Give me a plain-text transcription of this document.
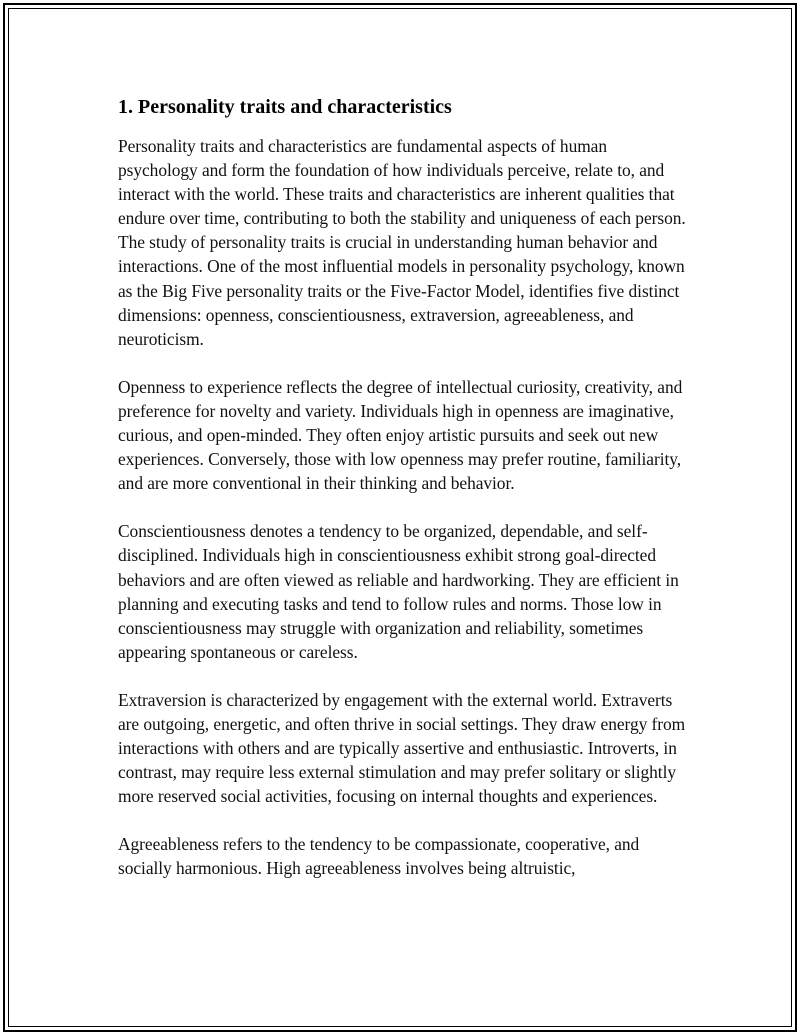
1. Personality traits and characteristics

Personality traits and characteristics are fundamental aspects of human psychology and form the foundation of how individuals perceive, relate to, and interact with the world. These traits and characteristics are inherent qualities that endure over time, contributing to both the stability and uniqueness of each person. The study of personality traits is crucial in understanding human behavior and interactions. One of the most influential models in personality psychology, known as the Big Five personality traits or the Five-Factor Model, identifies five distinct dimensions: openness, conscientiousness, extraversion, agreeableness, and neuroticism.

Openness to experience reflects the degree of intellectual curiosity, creativity, and preference for novelty and variety. Individuals high in openness are imaginative, curious, and open-minded. They often enjoy artistic pursuits and seek out new experiences. Conversely, those with low openness may prefer routine, familiarity, and are more conventional in their thinking and behavior.

Conscientiousness denotes a tendency to be organized, dependable, and self-disciplined. Individuals high in conscientiousness exhibit strong goal-directed behaviors and are often viewed as reliable and hardworking. They are efficient in planning and executing tasks and tend to follow rules and norms. Those low in conscientiousness may struggle with organization and reliability, sometimes appearing spontaneous or careless.

Extraversion is characterized by engagement with the external world. Extraverts are outgoing, energetic, and often thrive in social settings. They draw energy from interactions with others and are typically assertive and enthusiastic. Introverts, in contrast, may require less external stimulation and may prefer solitary or slightly more reserved social activities, focusing on internal thoughts and experiences.

Agreeableness refers to the tendency to be compassionate, cooperative, and socially harmonious. High agreeableness involves being altruistic,
